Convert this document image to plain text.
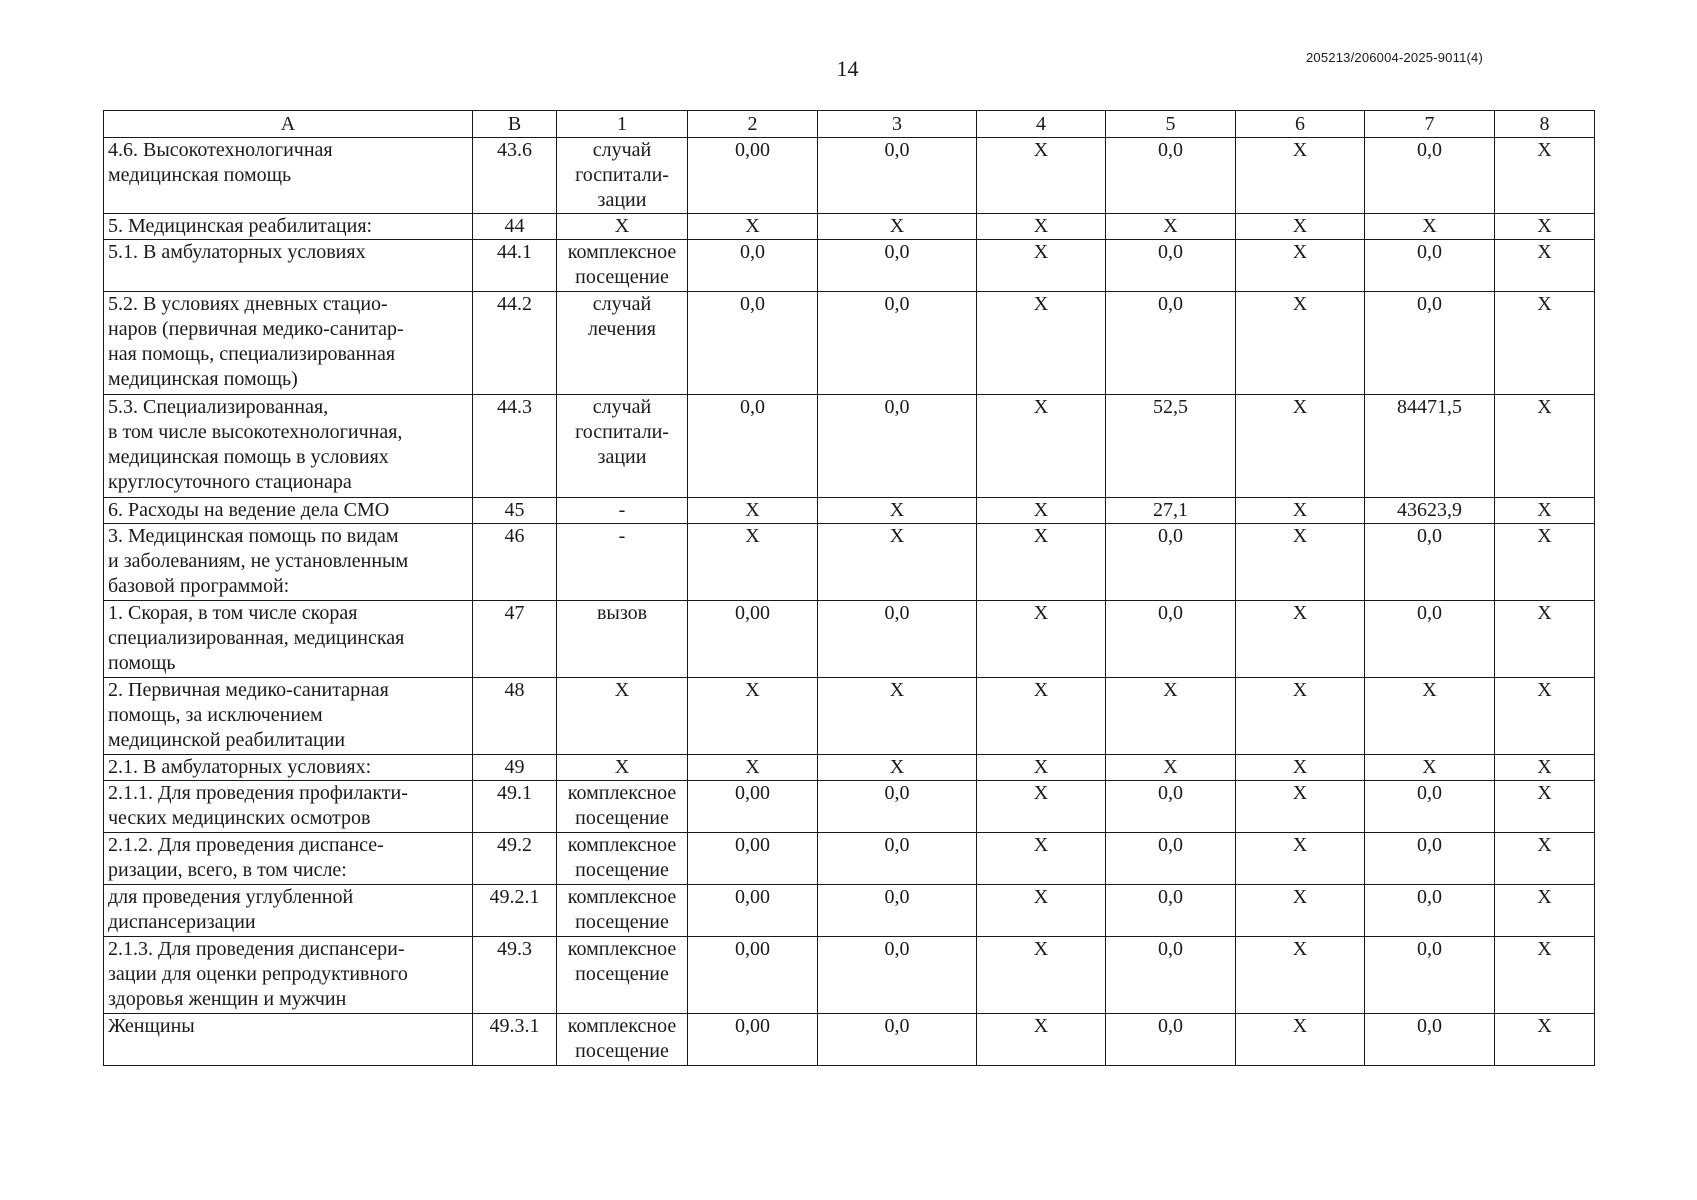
14	205213/206004-2025-9011(4)
A	B	1	2	3	4	5	6	7	8
4.6. Высокотехнологичная
медицинская помощь	43.6	случай
госпитали-
зации	0,00	0,0	Х	0,0	Х	0,0	Х
5. Медицинская реабилитация:	44	Х	Х	Х	Х	Х	Х	Х	Х
5.1. В амбулаторных условиях	44.1	комплексное
посещение	0,0	0,0	Х	0,0	Х	0,0	Х
5.2. В условиях дневных стацио-
наров (первичная медико-санитар-
ная помощь, специализированная
медицинская помощь)	44.2	случай
лечения	0,0	0,0	Х	0,0	Х	0,0	Х
5.3. Специализированная,
в том числе высокотехнологичная,
медицинская помощь в условиях
круглосуточного стационара	44.3	случай
госпитали-
зации	0,0	0,0	Х	52,5	Х	84471,5	Х
6. Расходы на ведение дела СМО	45	-	Х	Х	Х	27,1	Х	43623,9	Х
3. Медицинская помощь по видам
и заболеваниям, не установленным
базовой программой:	46	-	Х	Х	Х	0,0	Х	0,0	Х
1. Скорая, в том числе скорая
специализированная, медицинская
помощь	47	вызов	0,00	0,0	Х	0,0	Х	0,0	Х
2. Первичная медико-санитарная
помощь, за исключением
медицинской реабилитации	48	Х	Х	Х	Х	Х	Х	Х	Х
2.1. В амбулаторных условиях:	49	Х	Х	Х	Х	Х	Х	Х	Х
2.1.1. Для проведения профилакти-
ческих медицинских осмотров	49.1	комплексное
посещение	0,00	0,0	Х	0,0	Х	0,0	Х
2.1.2. Для проведения диспансе-
ризации, всего, в том числе:	49.2	комплексное
посещение	0,00	0,0	Х	0,0	Х	0,0	Х
для проведения углубленной
диспансеризации	49.2.1	комплексное
посещение	0,00	0,0	Х	0,0	Х	0,0	Х
2.1.3. Для проведения диспансери-
зации для оценки репродуктивного
здоровья женщин и мужчин	49.3	комплексное
посещение	0,00	0,0	Х	0,0	Х	0,0	Х
Женщины	49.3.1	комплексное
посещение	0,00	0,0	Х	0,0	Х	0,0	Х
